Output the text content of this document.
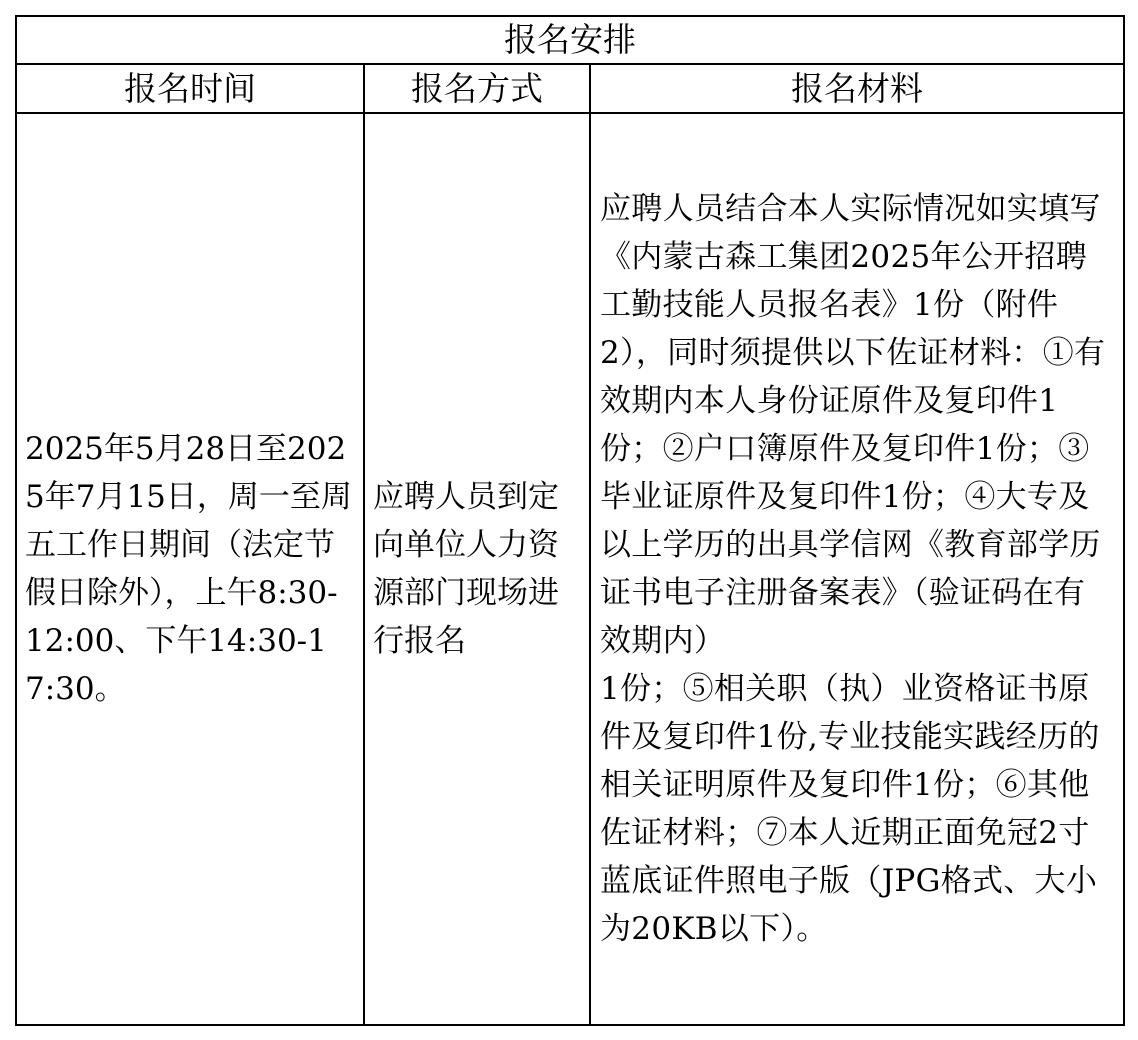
报名安排		
报名时间	报名方式	报名材料

2025年5月28日至2025年7月15日，周一至周五工作日期间（法定节假日除外），上午8:30-12:00、下午14:30-17:30。	应聘人员到定向单位人力资源部门现场进行报名	应聘人员结合本人实际情况如实填写《内蒙古森工集团2025年公开招聘工勤技能人员报名表》1份（附件2），同时须提供以下佐证材料：①有效期内本人身份证原件及复印件1份；②户口簿原件及复印件1份；③毕业证原件及复印件1份；④大专及以上学历的出具学信网《教育部学历证书电子注册备案表》（验证码在有效期内）
1份；⑤相关职（执）业资格证书原件及复印件1份,专业技能实践经历的相关证明原件及复印件1份；⑥其他佐证材料；⑦本人近期正面免冠2寸蓝底证件照电子版（JPG格式、大小为20KB以下）。
